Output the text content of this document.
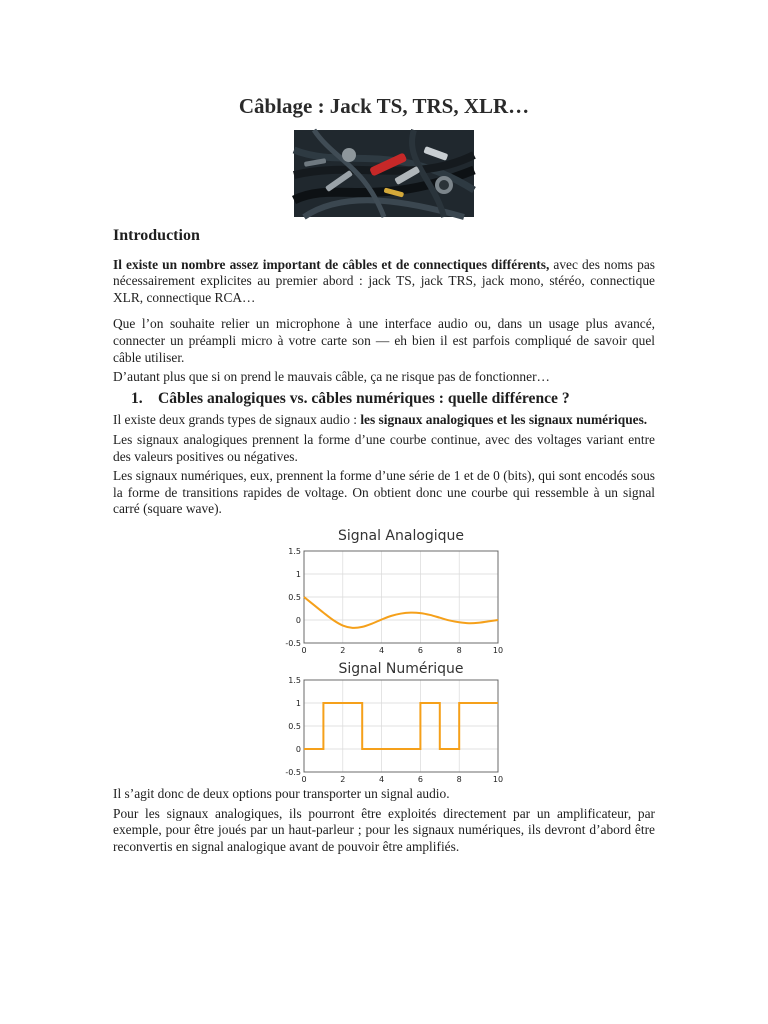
Câblage : Jack TS, TRS, XLR…
Introduction

Il existe un nombre assez important de câbles et de connectiques différents, avec des noms pas nécessairement explicites au premier abord : jack TS, jack TRS, jack mono, stéréo, connectique XLR, connectique RCA…

Que l’on souhaite relier un microphone à une interface audio ou, dans un usage plus avancé, connecter un préampli micro à votre carte son — eh bien il est parfois compliqué de savoir quel câble utiliser.

D’autant plus que si on prend le mauvais câble, ça ne risque pas de fonctionner…

1. Câbles analogiques vs. câbles numériques : quelle différence ?

Il existe deux grands types de signaux audio : les signaux analogiques et les signaux numériques.

Les signaux analogiques prennent la forme d’une courbe continue, avec des voltages variant entre des valeurs positives ou négatives.

Les signaux numériques, eux, prennent la forme d’une série de 1 et de 0 (bits), qui sont encodés sous la forme de transitions rapides de voltage. On obtient donc une courbe qui ressemble à un signal carré (square wave).

Signal Analogique
0	2	4	6	8	10
1.5
1
0.5
0
-0.5
Signal Numérique
0	2	4	6	8	10
1.5
1
0.5
0
-0.5

Il s’agit donc de deux options pour transporter un signal audio.

Pour les signaux analogiques, ils pourront être exploités directement par un amplificateur, par exemple, pour être joués par un haut-parleur ; pour les signaux numériques, ils devront d’abord être reconvertis en signal analogique avant de pouvoir être amplifiés.
